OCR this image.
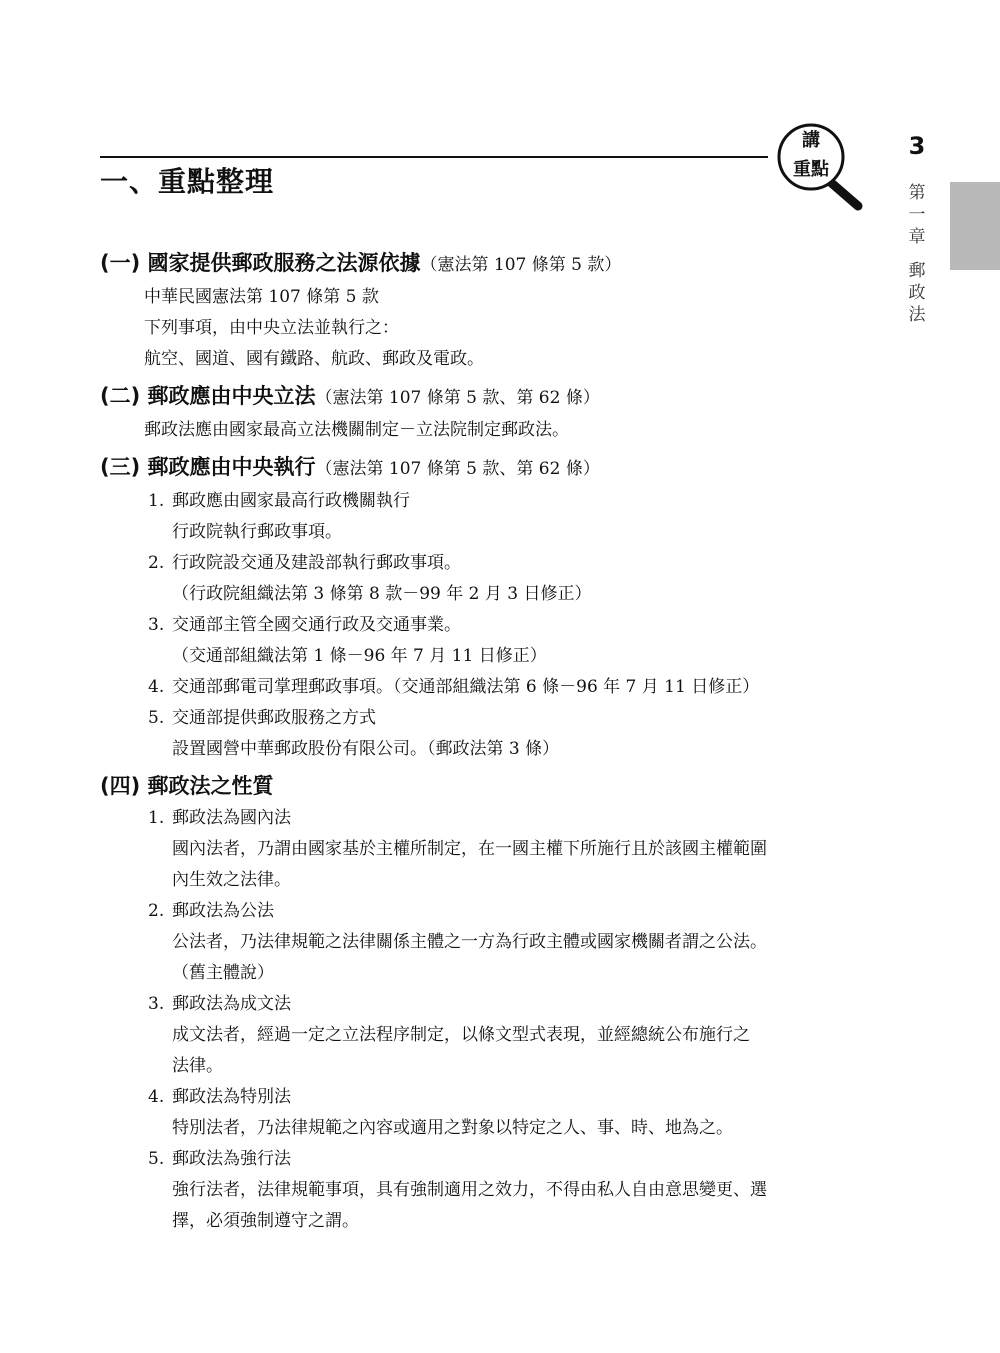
3
第
一
章
郵
政
法
一、重點整理
講
重點
(一) 國家提供郵政服務之法源依據（憲法第 107 條第 5 款）
中華民國憲法第 107 條第 5 款
下列事項，由中央立法並執行之：
航空、國道、國有鐵路、航政、郵政及電政。
(二) 郵政應由中央立法（憲法第 107 條第 5 款、第 62 條）
郵政法應由國家最高立法機關制定－立法院制定郵政法。
(三) 郵政應由中央執行（憲法第 107 條第 5 款、第 62 條）
1. 郵政應由國家最高行政機關執行
行政院執行郵政事項。
2. 行政院設交通及建設部執行郵政事項。
（行政院組織法第 3 條第 8 款－99 年 2 月 3 日修正）
3. 交通部主管全國交通行政及交通事業。
（交通部組織法第 1 條－96 年 7 月 11 日修正）
4. 交通部郵電司掌理郵政事項。（交通部組織法第 6 條－96 年 7 月 11 日修正）
5. 交通部提供郵政服務之方式
設置國營中華郵政股份有限公司。（郵政法第 3 條）
(四) 郵政法之性質
1. 郵政法為國內法
國內法者，乃謂由國家基於主權所制定，在一國主權下所施行且於該國主權範圍
內生效之法律。
2. 郵政法為公法
公法者，乃法律規範之法律關係主體之一方為行政主體或國家機關者謂之公法。
（舊主體說）
3. 郵政法為成文法
成文法者，經過一定之立法程序制定，以條文型式表現，並經總統公布施行之
法律。
4. 郵政法為特別法
特別法者，乃法律規範之內容或適用之對象以特定之人、事、時、地為之。
5. 郵政法為強行法
強行法者，法律規範事項，具有強制適用之效力，不得由私人自由意思變更、選
擇，必須強制遵守之謂。
